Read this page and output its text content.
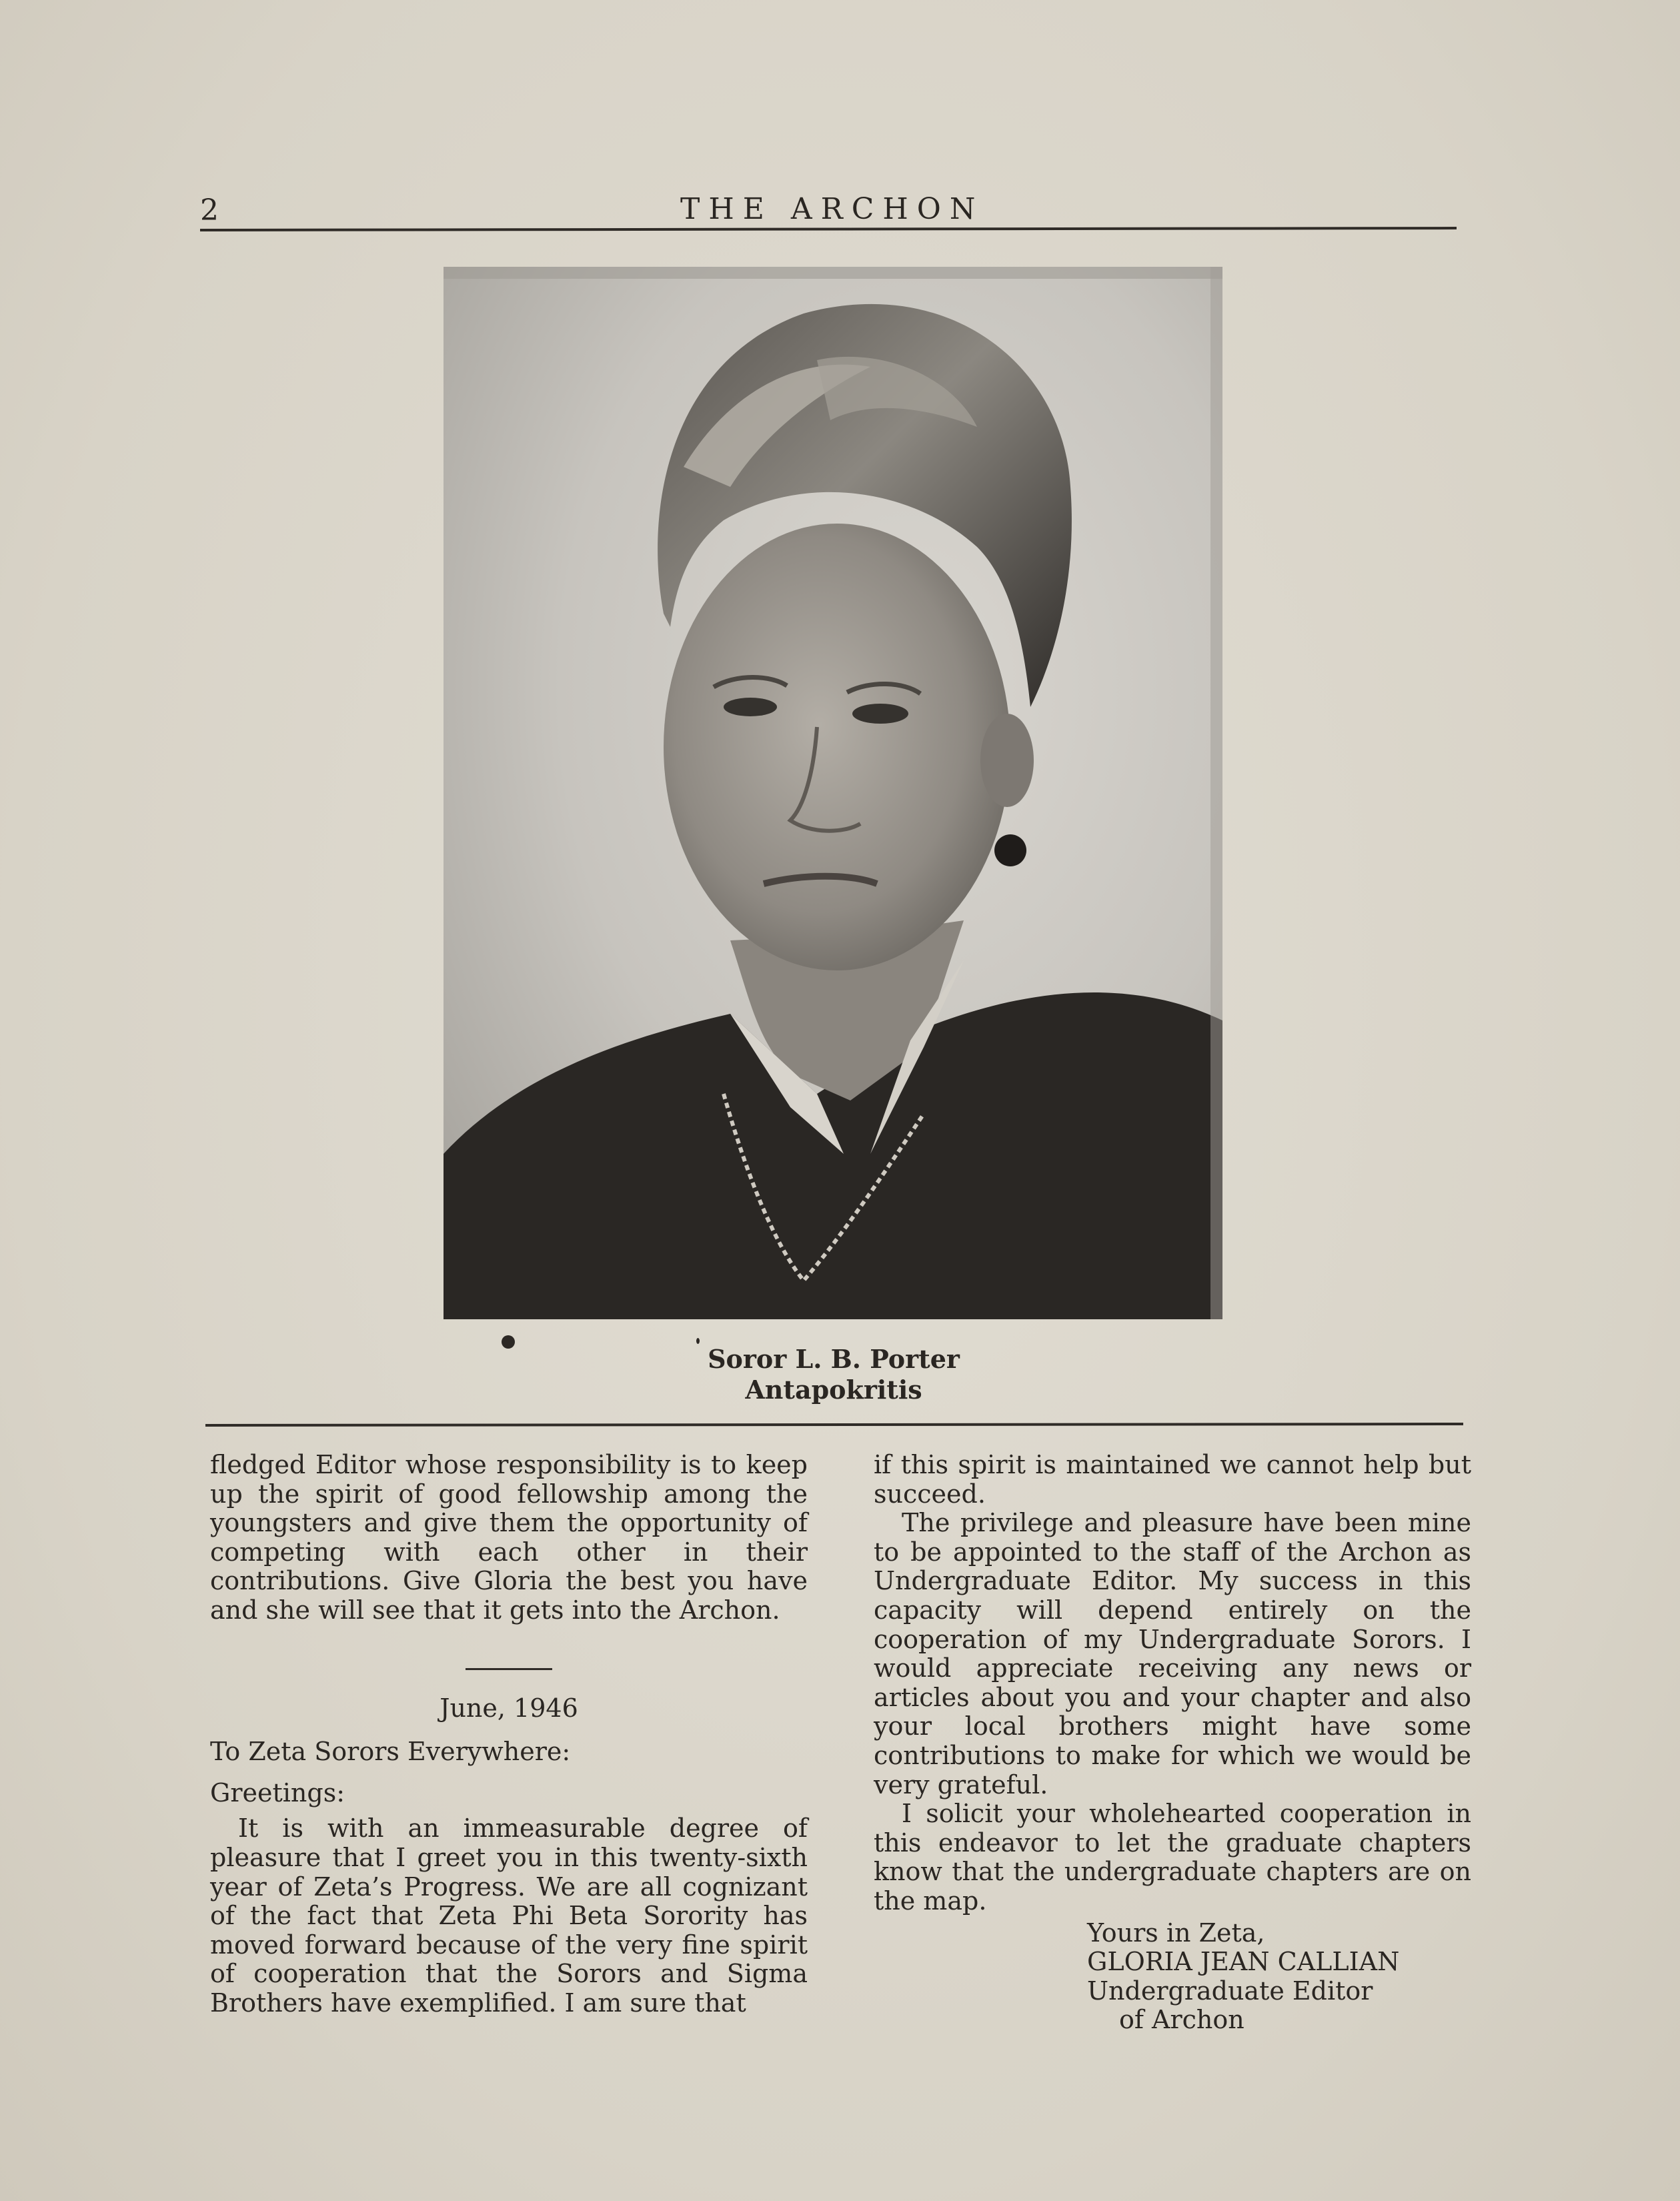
2	THE ARCHON
Soror L. B. Porter
Antapokritis

fledged Editor whose responsibility is to keep up the spirit of good fellowship among the youngsters and give them the opportunity of competing with each other in their contributions. Give Gloria the best you have and she will see that it gets into the Archon.

June, 1946

To Zeta Sorors Everywhere:

Greetings:

It is with an immeasurable degree of pleasure that I greet you in this twenty-sixth year of Zeta’s Progress. We are all cognizant of the fact that Zeta Phi Beta Sorority has moved forward because of the very fine spirit of cooperation that the Sorors and Sigma Brothers have exemplified. I am sure that

if this spirit is maintained we cannot help but succeed.

The privilege and pleasure have been mine to be appointed to the staff of the Archon as Undergraduate Editor. My success in this capacity will depend entirely on the cooperation of my Undergraduate Sorors. I would appreciate receiving any news or articles about you and your chapter and also your local brothers might have some contributions to make for which we would be very grateful.

I solicit your wholehearted cooperation in this endeavor to let the graduate chapters know that the undergraduate chapters are on the map.

Yours in Zeta,
GLORIA JEAN CALLIAN
Undergraduate Editor
of Archon
